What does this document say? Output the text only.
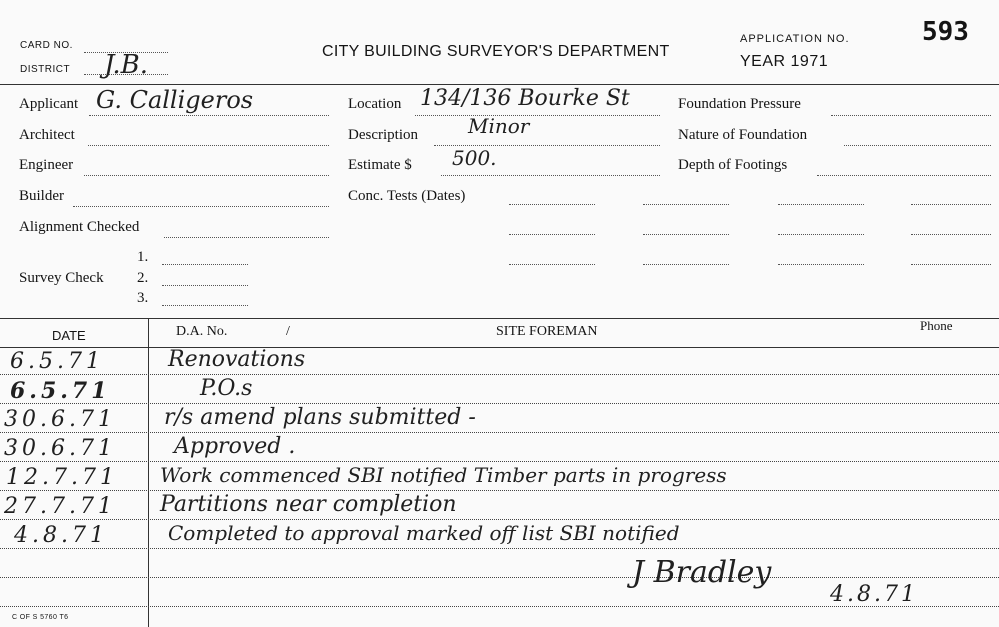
CARD NO.
DISTRICT J.B.	CITY BUILDING SURVEYOR'S DEPARTMENT
APPLICATION NO.
YEAR 1971
593
Applicant G. Calligeros
Architect
Engineer
Builder
Alignment Checked
Survey Check
1.
2.
3.
Location 134/136 Bourke St
Description	Minor
Estimate $ 500.
Conc. Tests (Dates)
Foundation Pressure
Nature of Foundation
Depth of Footings
DATE	D.A. No.	/	SITE FOREMAN	Phone
6.5.71	Renovations
6.5.71	P.O.s
30.6.71 r/s amend plans submitted -
30.6.71	Approved .
12.7.71 Work commenced SBI notified Timber parts in progress
27.7.71 Partitions near completion
4.8.71	Completed to approval marked off list SBI notified
J Bradley
4.8.71
C OF S 5760 T6
